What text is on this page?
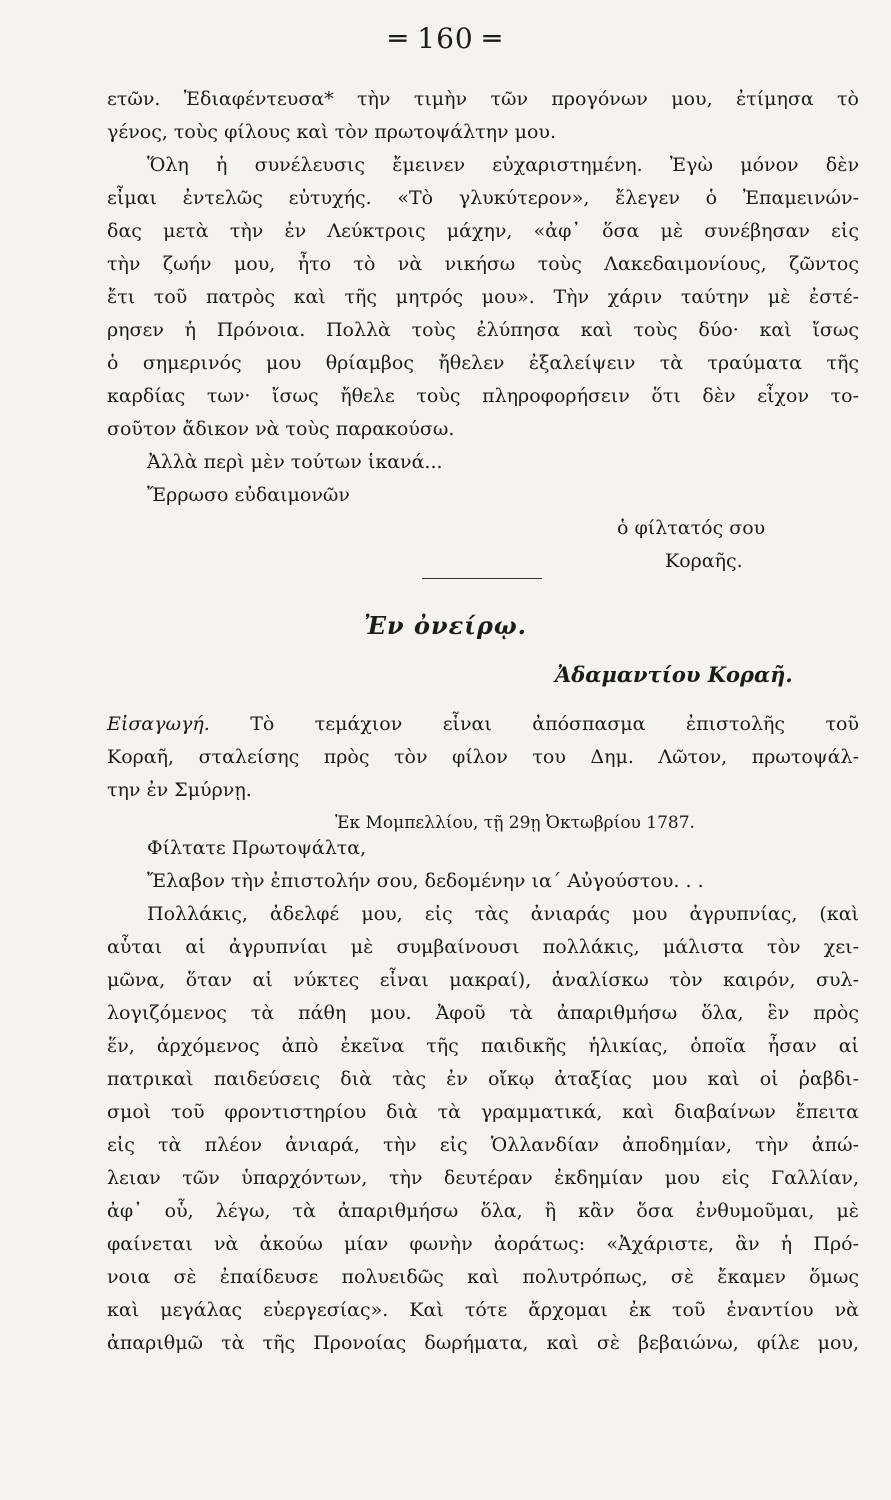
═ 160 ═
ετῶν. Ἐδιαφέντευσα* τὴν τιμὴν τῶν προγόνων μου, ἐτίμησα τὸ
γένος, τοὺς φίλους καὶ τὸν πρωτοψάλτην μου.
Ὅλη ἡ συνέλευσις ἔμεινεν εὐχαριστημένη. Ἐγὼ μόνον δὲν
εἶμαι ἐντελῶς εὐτυχής. «Τὸ γλυκύτερον», ἔλεγεν ὁ Ἐπαμεινών-
δας μετὰ τὴν ἐν Λεύκτροις μάχην, «ἀφ᾽ ὅσα μὲ συνέβησαν εἰς
τὴν ζωήν μου, ἦτο τὸ νὰ νικήσω τοὺς Λακεδαιμονίους, ζῶντος
ἔτι τοῦ πατρὸς καὶ τῆς μητρός μου». Τὴν χάριν ταύτην μὲ ἐστέ-
ρησεν ἡ Πρόνοια. Πολλὰ τοὺς ἐλύπησα καὶ τοὺς δύο· καὶ ἴσως
ὁ σημερινός μου θρίαμβος ἤθελεν ἐξαλείψειν τὰ τραύματα τῆς
καρδίας των· ἴσως ἤθελε τοὺς πληροφορήσειν ὅτι δὲν εἶχον το-
σοῦτον ἄδικον νὰ τοὺς παρακούσω.
Ἀλλὰ περὶ μὲν τούτων ἱκανά...
Ἔρρωσο εὐδαιμονῶν
ὁ φίλτατός σου
Κοραῆς.
Ἐν ὀνείρῳ.
Ἀδαμαντίου Κοραῆ.
Εἰσαγωγή. Τὸ τεμάχιον εἶναι ἀπόσπασμα ἐπιστολῆς τοῦ
Κοραῆ, σταλείσης πρὸς τὸν φίλον του Δημ. Λῶτον, πρωτοψάλ-
την ἐν Σμύρνῃ.
Ἐκ Μομπελλίου, τῇ 29ῃ Ὀκτωβρίου 1787.
Φίλτατε Πρωτοψάλτα,
Ἔλαβον τὴν ἐπιστολήν σου, δεδομένην ια´ Αὐγούστου. . .
Πολλάκις, ἀδελφέ μου, εἰς τὰς ἀνιαράς μου ἀγρυπνίας, (καὶ
αὗται αἱ ἀγρυπνίαι μὲ συμβαίνουσι πολλάκις, μάλιστα τὸν χει-
μῶνα, ὅταν αἱ νύκτες εἶναι μακραί), ἀναλίσκω τὸν καιρόν, συλ-
λογιζόμενος τὰ πάθη μου. Ἀφοῦ τὰ ἀπαριθμήσω ὅλα, ἓν πρὸς
ἕν, ἀρχόμενος ἀπὸ ἐκεῖνα τῆς παιδικῆς ἡλικίας, ὁποῖα ἦσαν αἱ
πατρικαὶ παιδεύσεις διὰ τὰς ἐν οἴκῳ ἀταξίας μου καὶ οἱ ῥαβδι-
σμοὶ τοῦ φροντιστηρίου διὰ τὰ γραμματικά, καὶ διαβαίνων ἔπειτα
εἰς τὰ πλέον ἀνιαρά, τὴν εἰς Ὁλλανδίαν ἀποδημίαν, τὴν ἀπώ-
λειαν τῶν ὑπαρχόντων, τὴν δευτέραν ἐκδημίαν μου εἰς Γαλλίαν,
ἀφ᾽ οὗ, λέγω, τὰ ἀπαριθμήσω ὅλα, ἢ κἂν ὅσα ἐνθυμοῦμαι, μὲ
φαίνεται νὰ ἀκούω μίαν φωνὴν ἀοράτως: «Ἀχάριστε, ἂν ἡ Πρό-
νοια σὲ ἐπαίδευσε πολυειδῶς καὶ πολυτρόπως, σὲ ἔκαμεν ὅμως
καὶ μεγάλας εὐεργεσίας». Καὶ τότε ἄρχομαι ἐκ τοῦ ἐναντίου νὰ
ἀπαριθμῶ τὰ τῆς Προνοίας δωρήματα, καὶ σὲ βεβαιώνω, φίλε μου,
